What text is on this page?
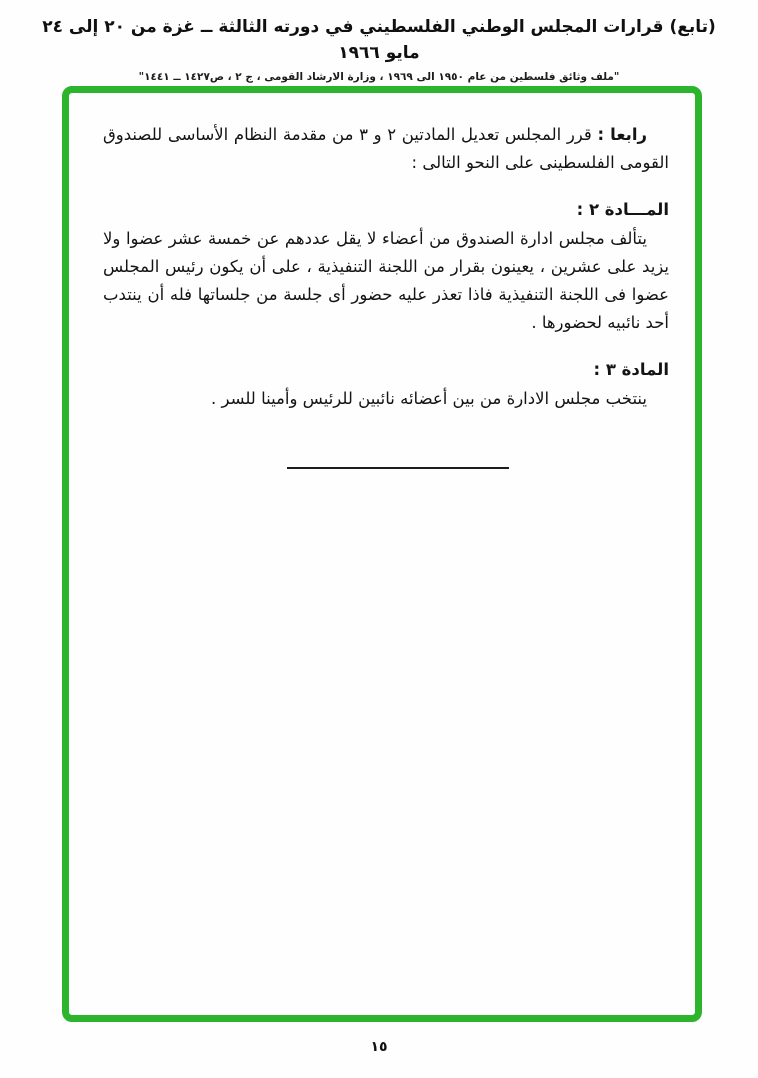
(تابع) قرارات المجلس الوطني الفلسطيني في دورته الثالثة ــ غزة من ٢٠ إلى ٢٤ مايو ١٩٦٦
"ملف وثائق فلسطين من عام ١٩٥٠ الى ١٩٦٩ ، وزارة الارشاد القومى ، ج ٢ ، ص١٤٢٧ ــ ١٤٤١"

رابعا : قرر المجلس تعديل المادتين ٢ و ٣ من مقدمة النظام الأساسى للصندوق القومى الفلسطينى على النحو التالى :

المـــادة ٢ :

يتألف مجلس ادارة الصندوق من أعضاء لا يقل عددهم عن خمسة عشر عضوا ولا يزيد على عشرين ، يعينون بقرار من اللجنة التنفيذية ، على أن يكون رئيس المجلس عضوا فى اللجنة التنفيذية فاذا تعذر عليه حضور أى جلسة من جلساتها فله أن ينتدب أحد نائبيه لحضورها .

المادة ٣ :

ينتخب مجلس الادارة من بين أعضائه نائبين للرئيس وأمينا للسر .

١٥
